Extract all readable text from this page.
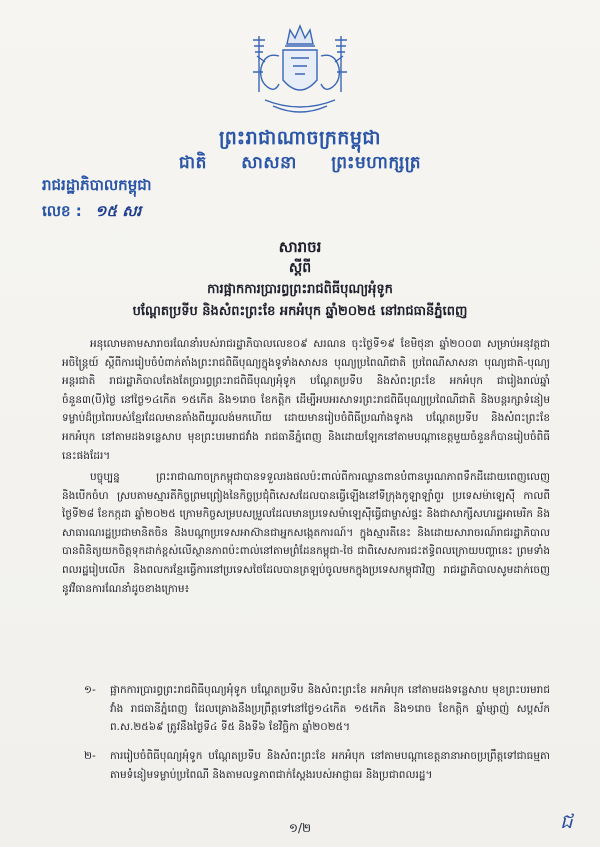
ព្រះរាជាណាចក្រកម្ពុជា
ជាតិ សាសនា ព្រះមហាក្សត្រ
រាជរដ្ឋាភិបាលកម្ពុជា
លេខ : ១៥ សរ
សារាចរ
ស្តីពី
ការផ្អាកការប្រារព្ធព្រះរាជពិធីបុណ្យអុំទូក
បណ្តែតប្រទីប និងសំពះព្រះខែ អកអំបុក ឆ្នាំ២០២៥ នៅរាជធានីភ្នំពេញ
អនុលោមតាមសារាចរណែនាំរបស់រាជរដ្ឋាភិបាលលេខ០៩ សរណន ចុះថ្ងៃទី១៩ ខែមិថុនា ឆ្នាំ២០០៣ សម្រាប់អនុវត្តជាអចិន្ត្រៃយ៍ ស្តីពីការរៀបចំបំពាក់តាំងព្រះរាជពិធីបុណ្យក្នុងទូទាំងសាសន បុណ្យប្រពៃណីជាតិ ប្រពៃណីសាសនា បុណ្យជាតិ-បុណ្យអន្តរជាតិ រាជរដ្ឋាភិបាលតែងតែប្រារព្ធព្រះរាជពិធីបុណ្យអុំទូក បណ្តែតប្រទីប និងសំពះព្រះខែ អកអំបុក ជារៀងរាល់ឆ្នាំ ចំនួន៣(បី)ថ្ងៃ នៅថ្ងៃ១៤កើត ១៥កើត និង១រោច ខែកត្តិក ដើម្បីអបអរសាទរព្រះរាជពិធីបុណ្យប្រពៃណីជាតិ និងបន្តរក្សាទំនៀមទម្លាប់ដ៏ប្រពៃរបស់ខ្មែរដែលមានតាំងពីយូរលង់មកហើយ ដោយមានរៀបចំពិធីប្រណាំងទូកង បណ្តែតប្រទីប និងសំពះព្រះខែ អកអំបុក នៅតាមដងទន្លេសាប មុខព្រះបរមរាជវាំង រាជធានីភ្នំពេញ និងដោយឡែកនៅតាមបណ្តាខេត្តមួយចំនួនក៏បានរៀបចំពិធីនេះផងដែរ។
បច្ចុប្បន្ន ព្រះរាជាណាចក្រកម្ពុជាបានទទួលរងផលប៉ះពាល់ពីការឈ្លានពានបំពានបូរណភាពទឹកដីដោយពេញលេញ និងបើកចំហ ស្របតាមស្មារតីកិច្ចព្រមព្រៀងនៃកិច្ចប្រជុំពិសេសដែលបានធ្វើឡើងនៅទីក្រុងកូឡាឡាំពួរ ប្រទេសម៉ាឡេស៊ី កាលពីថ្ងៃទី២៨ ខែកក្កដា ឆ្នាំ២០២៥ ក្រោមកិច្ចសម្របសម្រួលដែលមានប្រទេសម៉ាឡេស៊ីធ្វើជាម្ចាស់ផ្ទះ និងជាសាក្សីសហរដ្ឋអាមេរិក និងសាធារណរដ្ឋប្រជាមានិតចិន និងបណ្តាប្រទេសអាស៊ានជាអ្នកសង្កេតការណ៍។ ក្នុងស្មារតីនេះ និងដោយសារាចរណ៍រាជរដ្ឋាភិបាលបានពិនិត្យយកចិត្តទុកដាក់ខ្ពស់លើស្ថានភាពប៉ះពាល់នៅតាមព្រំដែនកម្ពុជា-ថៃ ជាពិសេសការជះឥទ្ធិពលក្រោយបញ្ហានេះ ព្រមទាំងពលរដ្ឋរៀបលើក និងពលករខ្មែរធ្វើការនៅប្រទេសថៃដែលបានត្រឡប់ចូលមកក្នុងប្រទេសកម្ពុជាវិញ រាជរដ្ឋាភិបាលសូមដាក់ចេញនូវវិធានការណែនាំដូចខាងក្រោម៖
១-	ផ្អាកការប្រារព្ធព្រះរាជពិធីបុណ្យអុំទូក បណ្តែតប្រទីប និងសំពះព្រះខែ អកអំបុក នៅតាមដងទន្លេសាប មុខព្រះបរមរាជវាំង រាជធានីភ្នំពេញ ដែលគ្រោងនឹងប្រព្រឹត្តទៅនៅថ្ងៃ១៤កើត ១៥កើត និង១រោច ខែកត្តិក ឆ្នាំម្សាញ់ សប្តស័ក ព.ស.២៥៦៩ ត្រូវនឹងថ្ងៃទី៤ ទី៥ និងទី៦ ខែវិច្ឆិកា ឆ្នាំ២០២៥។
២-	ការរៀបចំពិធីបុណ្យអុំទូក បណ្តែតប្រទីប និងសំពះព្រះខែ អកអំបុក នៅតាមបណ្តាខេត្តនានាអាចប្រព្រឹត្តទៅជាធម្មតាតាមទំនៀមទម្លាប់ប្រពៃណី និងតាមលទ្ធភាពជាក់ស្តែងរបស់អាជ្ញាធរ និងប្រជាពលរដ្ឋ។
១/២	ជ
